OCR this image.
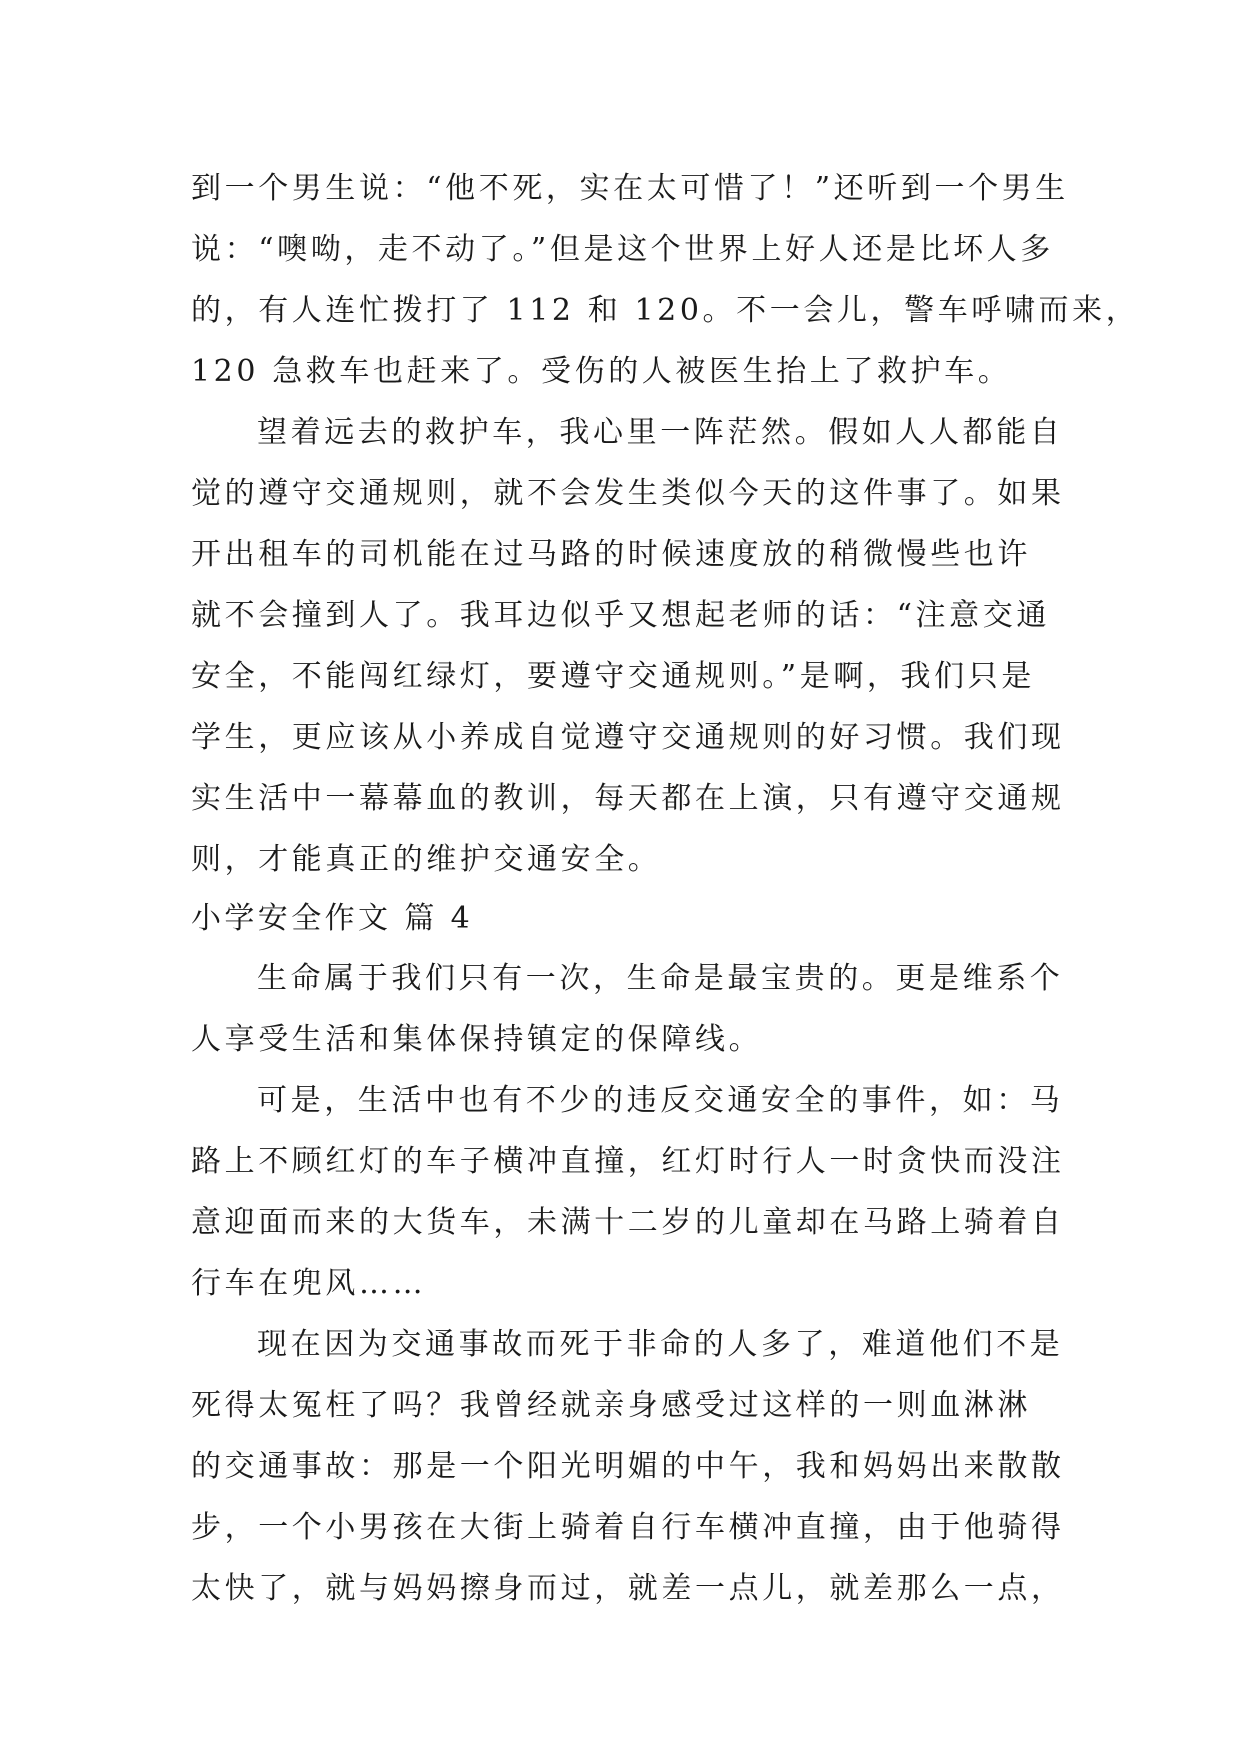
到一个男生说：“他不死，实在太可惜了！”还听到一个男生
说：“噢呦，走不动了。”但是这个世界上好人还是比坏人多
的，有人连忙拨打了 112 和 120。不一会儿，警车呼啸而来，
120 急救车也赶来了。受伤的人被医生抬上了救护车。
望着远去的救护车，我心里一阵茫然。假如人人都能自
觉的遵守交通规则，就不会发生类似今天的这件事了。如果
开出租车的司机能在过马路的时候速度放的稍微慢些也许
就不会撞到人了。我耳边似乎又想起老师的话：“注意交通
安全，不能闯红绿灯，要遵守交通规则。”是啊，我们只是
学生，更应该从小养成自觉遵守交通规则的好习惯。我们现
实生活中一幕幕血的教训，每天都在上演，只有遵守交通规
则，才能真正的维护交通安全。
小学安全作文 篇 4
生命属于我们只有一次，生命是最宝贵的。更是维系个
人享受生活和集体保持镇定的保障线。
可是，生活中也有不少的违反交通安全的事件，如：马
路上不顾红灯的车子横冲直撞，红灯时行人一时贪快而没注
意迎面而来的大货车，未满十二岁的儿童却在马路上骑着自
行车在兜风……
现在因为交通事故而死于非命的人多了，难道他们不是
死得太冤枉了吗？我曾经就亲身感受过这样的一则血淋淋
的交通事故：那是一个阳光明媚的中午，我和妈妈出来散散
步，一个小男孩在大街上骑着自行车横冲直撞，由于他骑得
太快了，就与妈妈擦身而过，就差一点儿，就差那么一点，
